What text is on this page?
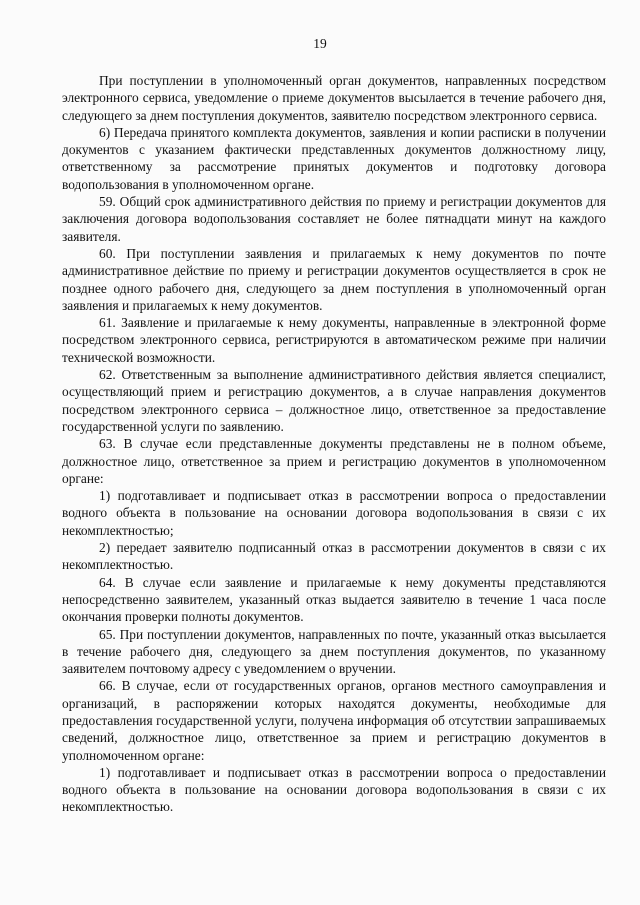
19

При поступлении в уполномоченный орган документов, направленных посредством электронного сервиса, уведомление о приеме документов высылается в течение рабочего дня, следующего за днем поступления документов, заявителю посредством электронного сервиса.

6) Передача принятого комплекта документов, заявления и копии расписки в получении документов с указанием фактически представленных документов должностному лицу, ответственному за рассмотрение принятых документов и подготовку договора водопользования в уполномоченном органе.

59. Общий срок административного действия по приему и регистрации документов для заключения договора водопользования составляет не более пятнадцати минут на каждого заявителя.

60. При поступлении заявления и прилагаемых к нему документов по почте административное действие по приему и регистрации документов осуществляется в срок не позднее одного рабочего дня, следующего за днем поступления в уполномоченный орган заявления и прилагаемых к нему документов.

61. Заявление и прилагаемые к нему документы, направленные в электронной форме посредством электронного сервиса, регистрируются в автоматическом режиме при наличии технической возможности.

62. Ответственным за выполнение административного действия является специалист, осуществляющий прием и регистрацию документов, а в случае направления документов посредством электронного сервиса – должностное лицо, ответственное за предоставление государственной услуги по заявлению.

63. В случае если представленные документы представлены не в полном объеме, должностное лицо, ответственное за прием и регистрацию документов в уполномоченном органе:

1) подготавливает и подписывает отказ в рассмотрении вопроса о предоставлении водного объекта в пользование на основании договора водопользования в связи с их некомплектностью;

2) передает заявителю подписанный отказ в рассмотрении документов в связи с их некомплектностью.

64. В случае если заявление и прилагаемые к нему документы представляются непосредственно заявителем, указанный отказ выдается заявителю в течение 1 часа после окончания проверки полноты документов.

65. При поступлении документов, направленных по почте, указанный отказ высылается в течение рабочего дня, следующего за днем поступления документов, по указанному заявителем почтовому адресу с уведомлением о вручении.

66. В случае, если от государственных органов, органов местного самоуправления и организаций, в распоряжении которых находятся документы, необходимые для предоставления государственной услуги, получена информация об отсутствии запрашиваемых сведений, должностное лицо, ответственное за прием и регистрацию документов в уполномоченном органе:

1) подготавливает и подписывает отказ в рассмотрении вопроса о предоставлении водного объекта в пользование на основании договора водопользования в связи с их некомплектностью.
